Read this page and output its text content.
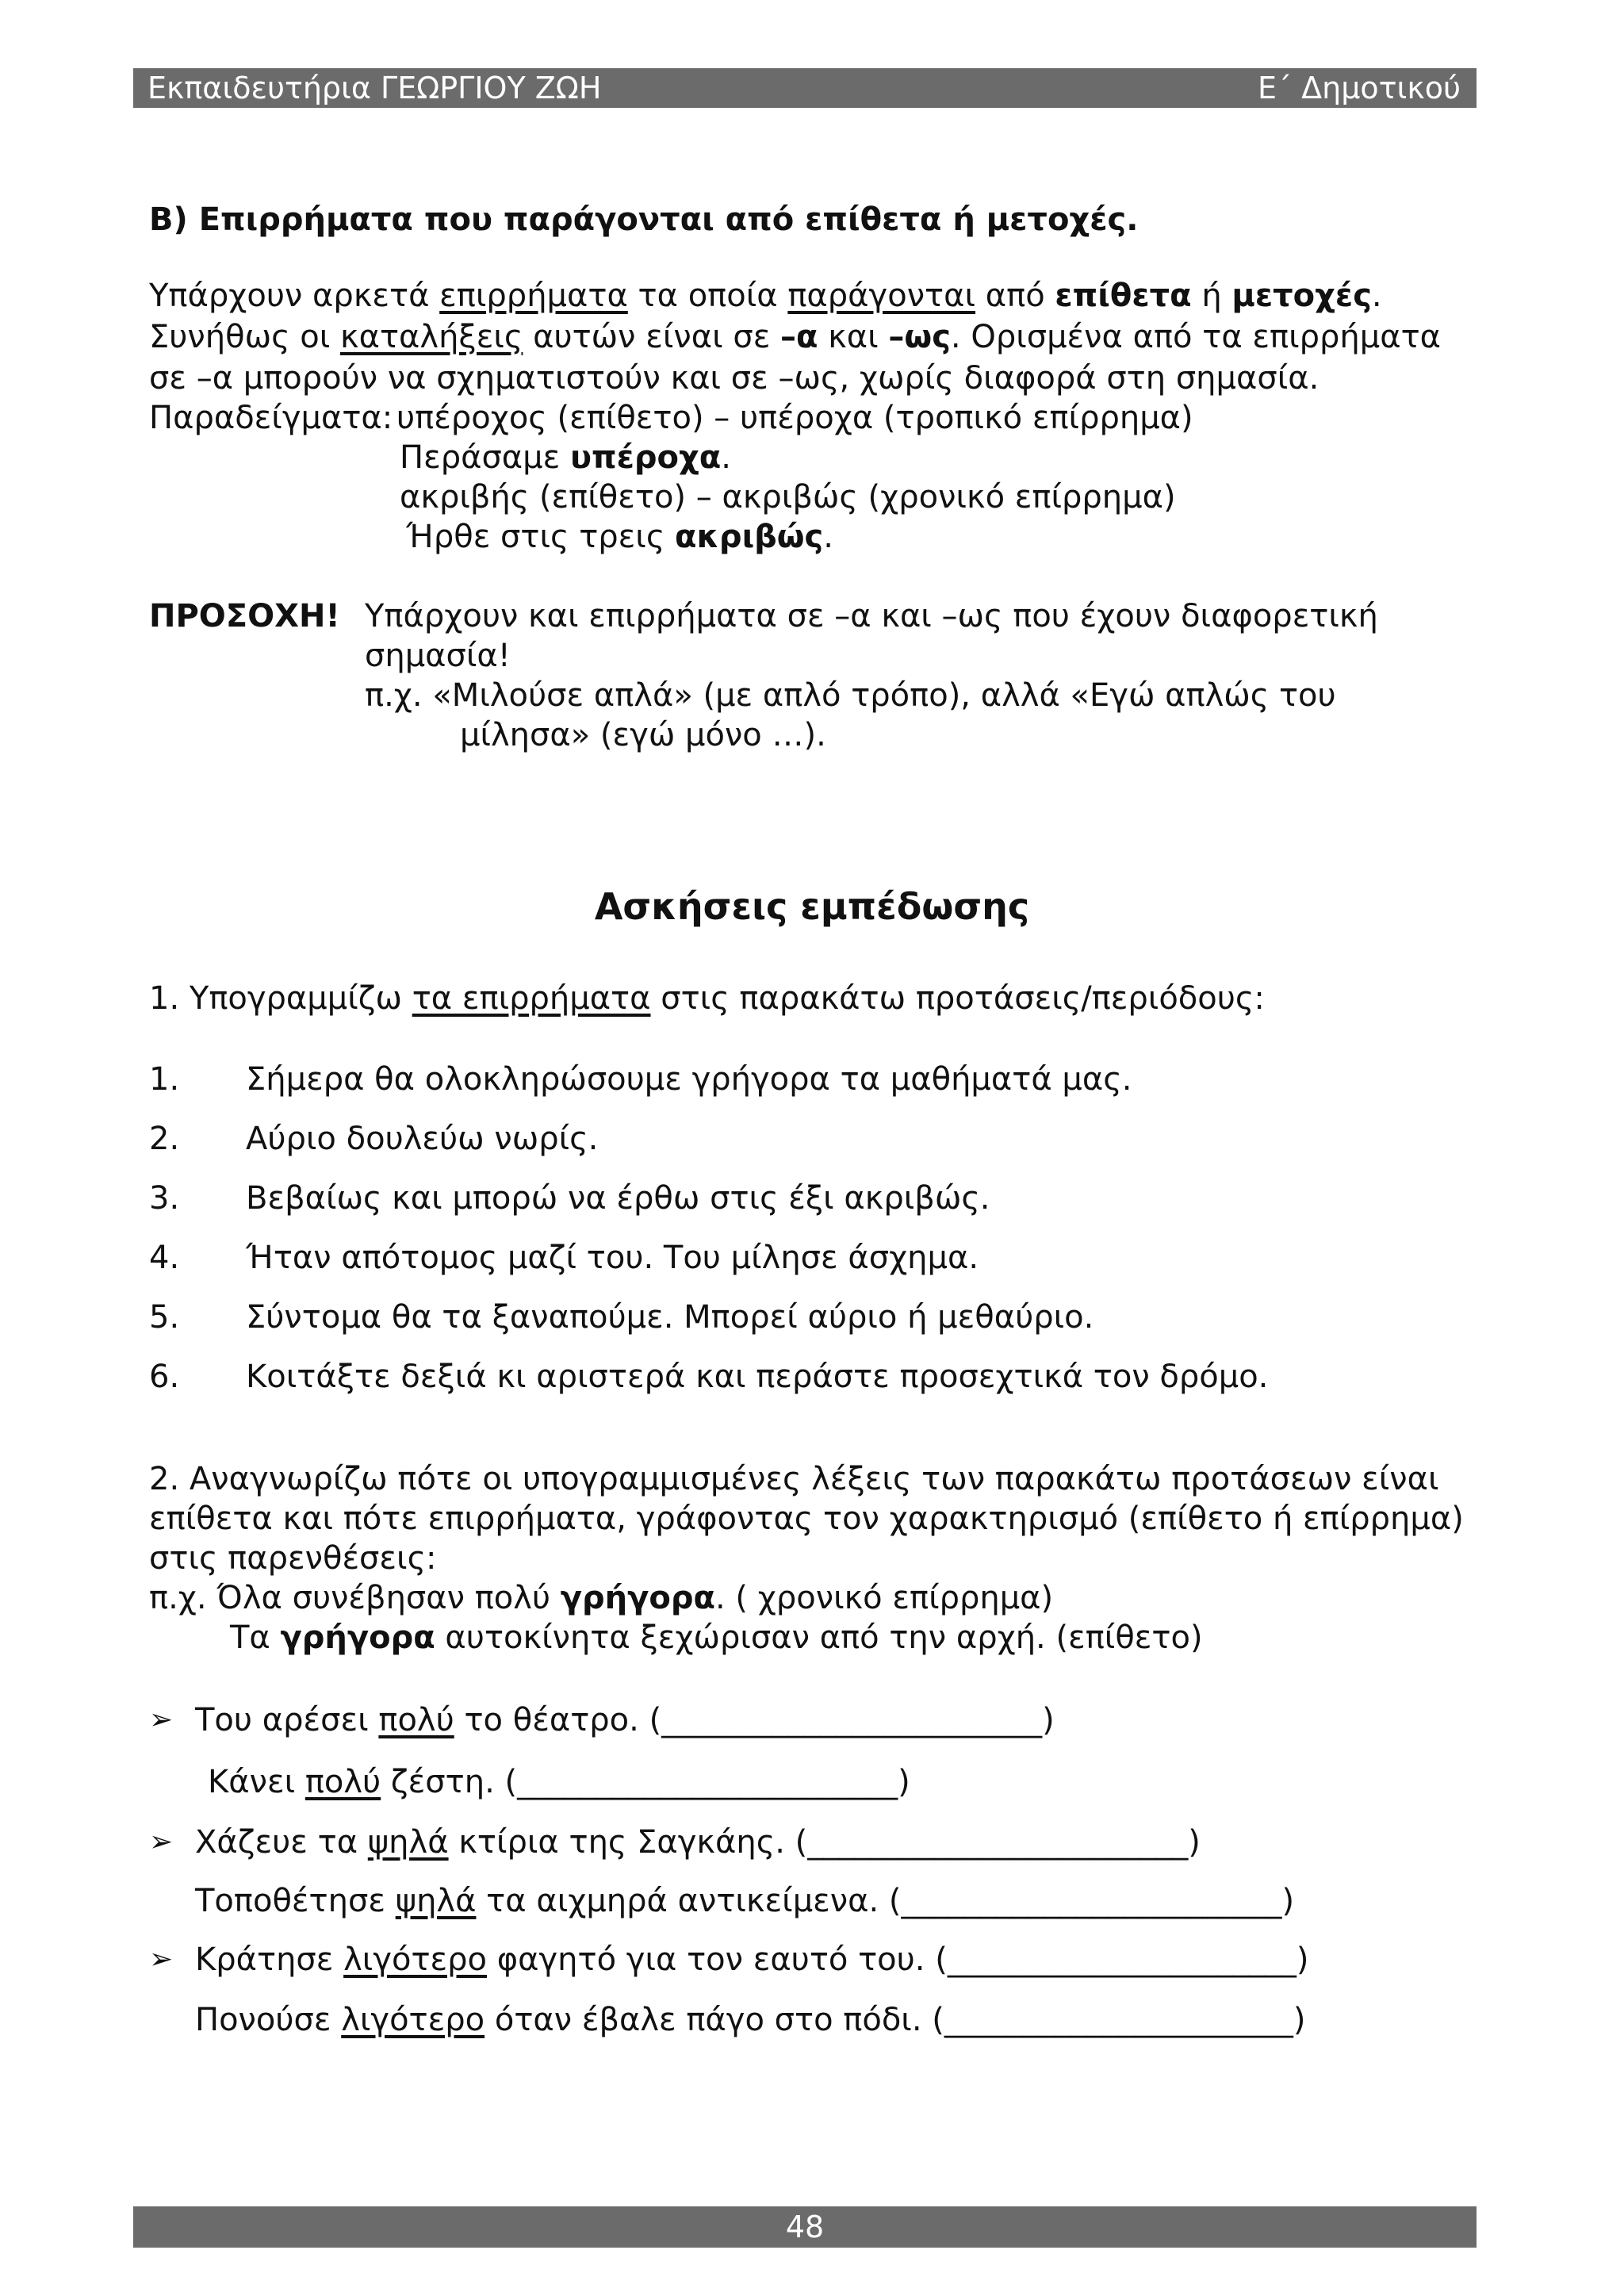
Εκπαιδευτήρια ΓΕΩΡΓΙΟΥ ΖΩΗ	Ε΄ Δημοτικού
Β) Επιρρήματα που παράγονται από επίθετα ή μετοχές.
Υπάρχουν αρκετά επιρρήματα τα οποία παράγονται από επίθετα ή μετοχές.
Συνήθως οι καταλήξεις αυτών είναι σε –α και –ως. Ορισμένα από τα επιρρήματα
σε –α μπορούν να σχηματιστούν και σε –ως, χωρίς διαφορά στη σημασία.
Παραδείγματα: υπέροχος (επίθετο) – υπέροχα (τροπικό επίρρημα)
Περάσαμε υπέροχα.
ακριβής (επίθετο) – ακριβώς (χρονικό επίρρημα)
Ήρθε στις τρεις ακριβώς.
ΠΡΟΣΟΧΗ! Υπάρχουν και επιρρήματα σε –α και –ως που έχουν διαφορετική
σημασία!
π.χ. «Μιλούσε απλά» (με απλό τρόπο), αλλά «Εγώ απλώς του
μίλησα» (εγώ μόνο …).
Ασκήσεις εμπέδωσης
1. Υπογραμμίζω τα επιρρήματα στις παρακάτω προτάσεις/περιόδους:
1. Σήμερα θα ολοκληρώσουμε γρήγορα τα μαθήματά μας.
2. Αύριο δουλεύω νωρίς.
3. Βεβαίως και μπορώ να έρθω στις έξι ακριβώς.
4. Ήταν απότομος μαζί του. Του μίλησε άσχημα.
5. Σύντομα θα τα ξαναπούμε. Μπορεί αύριο ή μεθαύριο.
6. Κοιτάξτε δεξιά κι αριστερά και περάστε προσεχτικά τον δρόμο.
2. Αναγνωρίζω πότε οι υπογραμμισμένες λέξεις των παρακάτω προτάσεων είναι
επίθετα και πότε επιρρήματα, γράφοντας τον χαρακτηρισμό (επίθετο ή επίρρημα)
στις παρενθέσεις:
π.χ. Όλα συνέβησαν πολύ γρήγορα. ( χρονικό επίρρημα)
Τα γρήγορα αυτοκίνητα ξεχώρισαν από την αρχή. (επίθετο)
➢ Του αρέσει πολύ το θέατρο. (________________________)
Κάνει πολύ ζέστη. (________________________)
➢ Χάζευε τα ψηλά κτίρια της Σαγκάης. (________________________)
Τοποθέτησε ψηλά τα αιχμηρά αντικείμενα. (________________________)
➢ Κράτησε λιγότερο φαγητό για τον εαυτό του. (______________________)
Πονούσε λιγότερο όταν έβαλε πάγο στο πόδι. (______________________)
48
